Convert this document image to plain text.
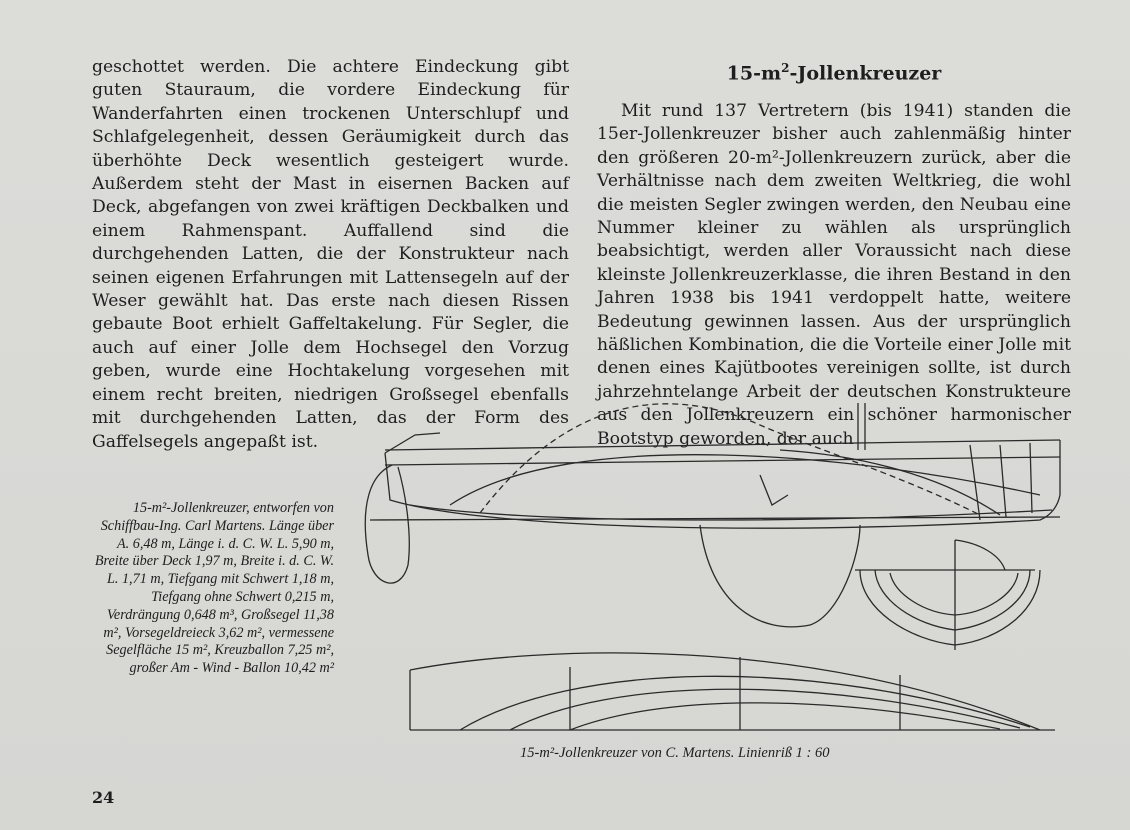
geschottet werden. Die achtere Eindeckung gibt guten Stauraum, die vordere Eindeckung für Wanderfahrten einen trockenen Unterschlupf und Schlafgelegenheit, dessen Geräumigkeit durch das überhöhte Deck wesentlich gesteigert wurde. Außerdem steht der Mast in eisernen Backen auf Deck, abgefangen von zwei kräftigen Deckbalken und einem Rahmenspant. Auffallend sind die durchgehenden Latten, die der Konstrukteur nach seinen eigenen Erfahrungen mit Lattensegeln auf der Weser gewählt hat. Das erste nach diesen Rissen gebaute Boot erhielt Gaffeltakelung. Für Segler, die auch auf einer Jolle dem Hochsegel den Vorzug geben, wurde eine Hochtakelung vorgesehen mit einem recht breiten, niedrigen Großsegel ebenfalls mit durchgehenden Latten, das der Form des Gaffelsegels angepaßt ist.

$15-m^2$-Jollenkreuzer

Mit rund 137 Vertretern (bis 1941) standen die 15er-Jollenkreuzer bisher auch zahlenmäßig hinter den größeren 20-m²-Jollenkreuzern zurück, aber die Verhältnisse nach dem zweiten Weltkrieg, die wohl die meisten Segler zwingen werden, den Neubau eine Nummer kleiner zu wählen als ursprünglich beabsichtigt, werden aller Voraussicht nach diese kleinste Jollenkreuzerklasse, die ihren Bestand in den Jahren 1938 bis 1941 verdoppelt hatte, weitere Bedeutung gewinnen lassen. Aus der ursprünglich häßlichen Kombination, die die Vorteile einer Jolle mit denen eines Kajütbootes vereinigen sollte, ist durch jahrzehntelange Arbeit der deutschen Konstrukteure aus den Jollenkreuzern ein schöner harmonischer Bootstyp geworden, der auch

15-m²-Jollenkreuzer, entworfen von Schiffbau-Ing. Carl Martens. Länge über A. 6,48 m, Länge i. d. C. W. L. 5,90 m, Breite über Deck 1,97 m, Breite i. d. C. W. L. 1,71 m, Tiefgang mit Schwert 1,18 m, Tiefgang ohne Schwert 0,215 m, Verdrängung 0,648 m³, Großsegel 11,38 m², Vorsegeldreieck 3,62 m², vermessene Segelfläche 15 m², Kreuzballon 7,25 m², großer Am - Wind - Ballon 10,42 m²
15-m²-Jollenkreuzer von C. Martens. Linienriß 1 : 60
24
